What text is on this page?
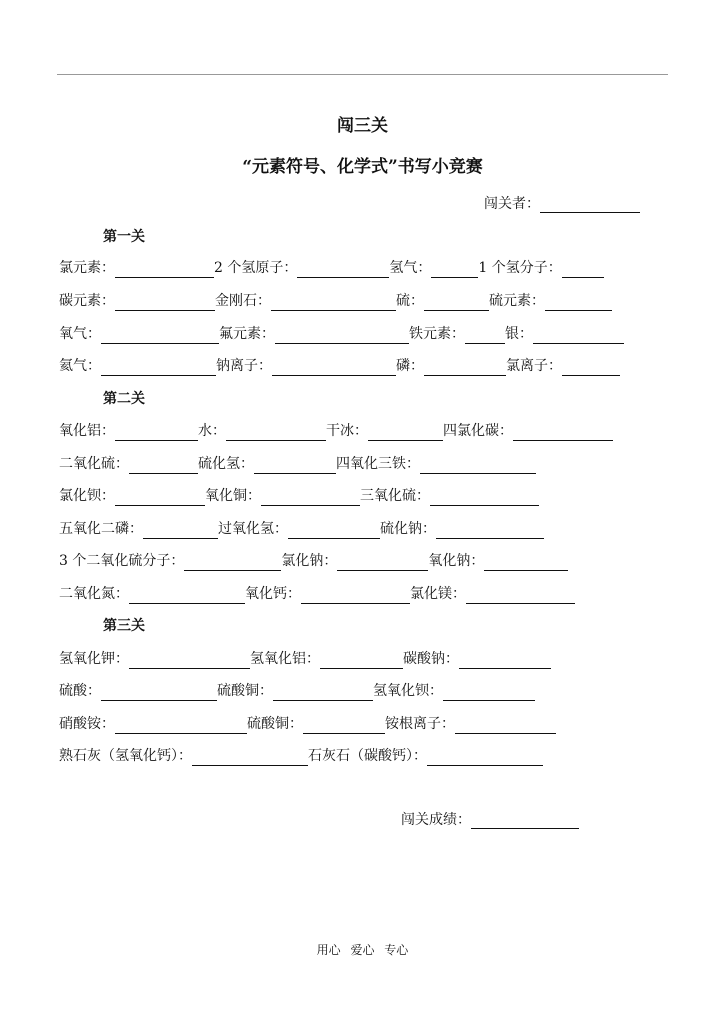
闯三关
“元素符号、化学式”书写小竞赛
闯关者：
第一关
氯元素：	2 个氢原子：	氢气：	1 个氢分子：
碳元素：	金刚石：	硫：	硫元素：
氧气：	氟元素：	铁元素：	银：
氦气：	钠离子：	磷：	氯离子：
第二关
氧化铝：	水：	干冰：	四氯化碳：
二氧化硫：	硫化氢：	四氧化三铁：
氯化钡：	氧化铜：	三氧化硫：
五氧化二磷：	过氧化氢：	硫化钠：
3 个二氧化硫分子：	氯化钠：	氧化钠：
二氧化氮：	氧化钙：	氯化镁：
第三关
氢氧化钾：	氢氧化铝：	碳酸钠：
硫酸：	硫酸铜：	氢氧化钡：
硝酸铵：	硫酸铜：	铵根离子：
熟石灰（氢氧化钙）：	石灰石（碳酸钙）：
闯关成绩：
用心 爱心 专心
